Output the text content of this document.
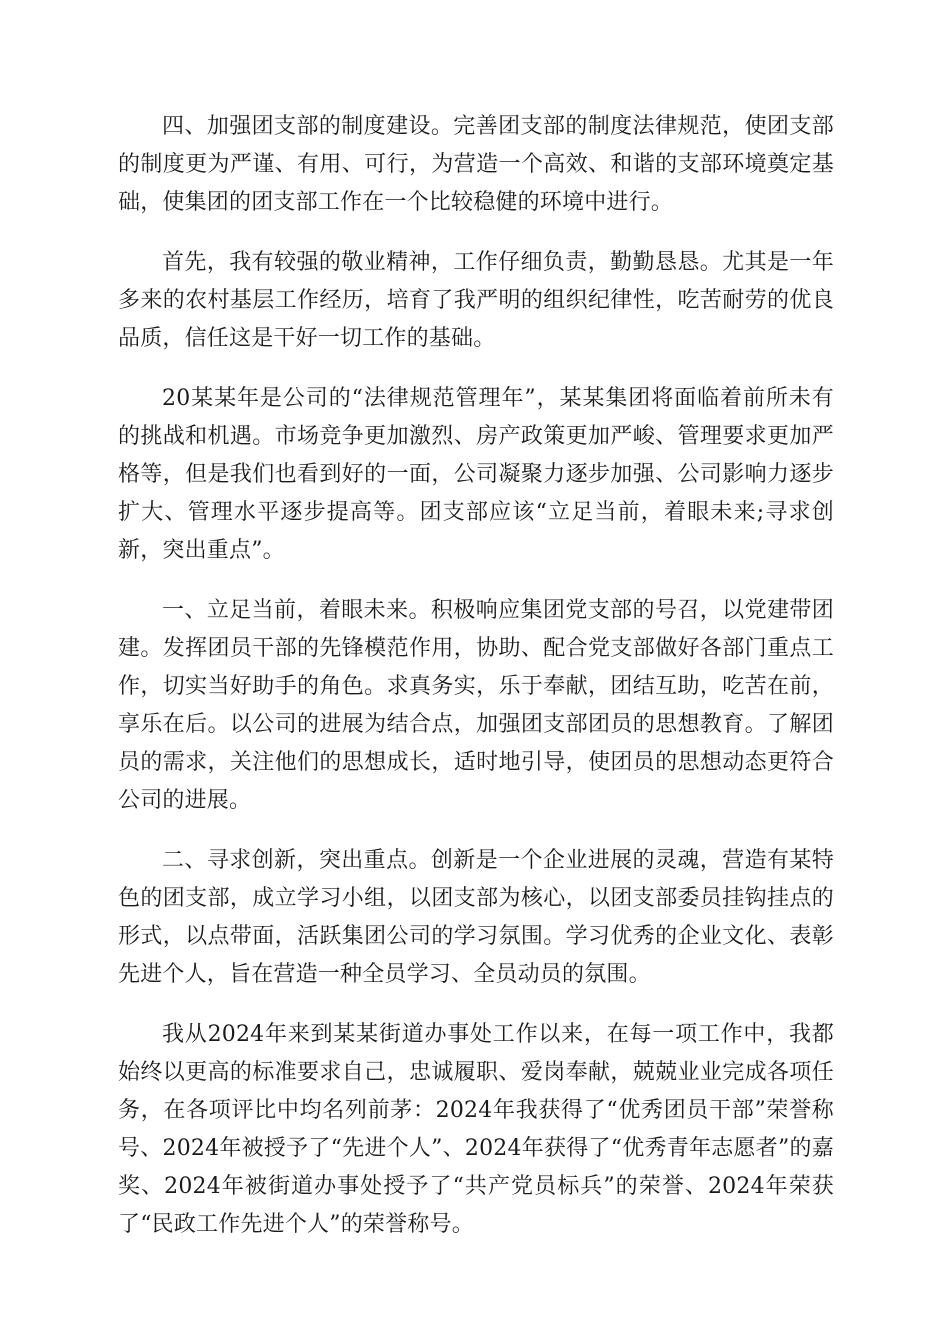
四、加强团支部的制度建设。完善团支部的制度法律规范，使团支部的制度更为严谨、有用、可行，为营造一个高效、和谐的支部环境奠定基础，使集团的团支部工作在一个比较稳健的环境中进行。

首先，我有较强的敬业精神，工作仔细负责，勤勤恳恳。尤其是一年多来的农村基层工作经历，培育了我严明的组织纪律性，吃苦耐劳的优良品质，信任这是干好一切工作的基础。

20某某年是公司的“法律规范管理年”，某某集团将面临着前所未有的挑战和机遇。市场竞争更加激烈、房产政策更加严峻、管理要求更加严格等，但是我们也看到好的一面，公司凝聚力逐步加强、公司影响力逐步扩大、管理水平逐步提高等。团支部应该“立足当前，着眼未来;寻求创新，突出重点”。

一、立足当前，着眼未来。积极响应集团党支部的号召，以党建带团建。发挥团员干部的先锋模范作用，协助、配合党支部做好各部门重点工作，切实当好助手的角色。求真务实，乐于奉献，团结互助，吃苦在前，享乐在后。以公司的进展为结合点，加强团支部团员的思想教育。了解团员的需求，关注他们的思想成长，适时地引导，使团员的思想动态更符合公司的进展。

二、寻求创新，突出重点。创新是一个企业进展的灵魂，营造有某特色的团支部，成立学习小组，以团支部为核心，以团支部委员挂钩挂点的形式，以点带面，活跃集团公司的学习氛围。学习优秀的企业文化、表彰先进个人，旨在营造一种全员学习、全员动员的氛围。

我从2024年来到某某街道办事处工作以来，在每一项工作中，我都始终以更高的标准要求自己，忠诚履职、爱岗奉献，兢兢业业完成各项任务，在各项评比中均名列前茅：2024年我获得了“优秀团员干部”荣誉称号、2024年被授予了“先进个人”、2024年获得了“优秀青年志愿者”的嘉奖、2024年被街道办事处授予了“共产党员标兵”的荣誉、2024年荣获了“民政工作先进个人”的荣誉称号。
